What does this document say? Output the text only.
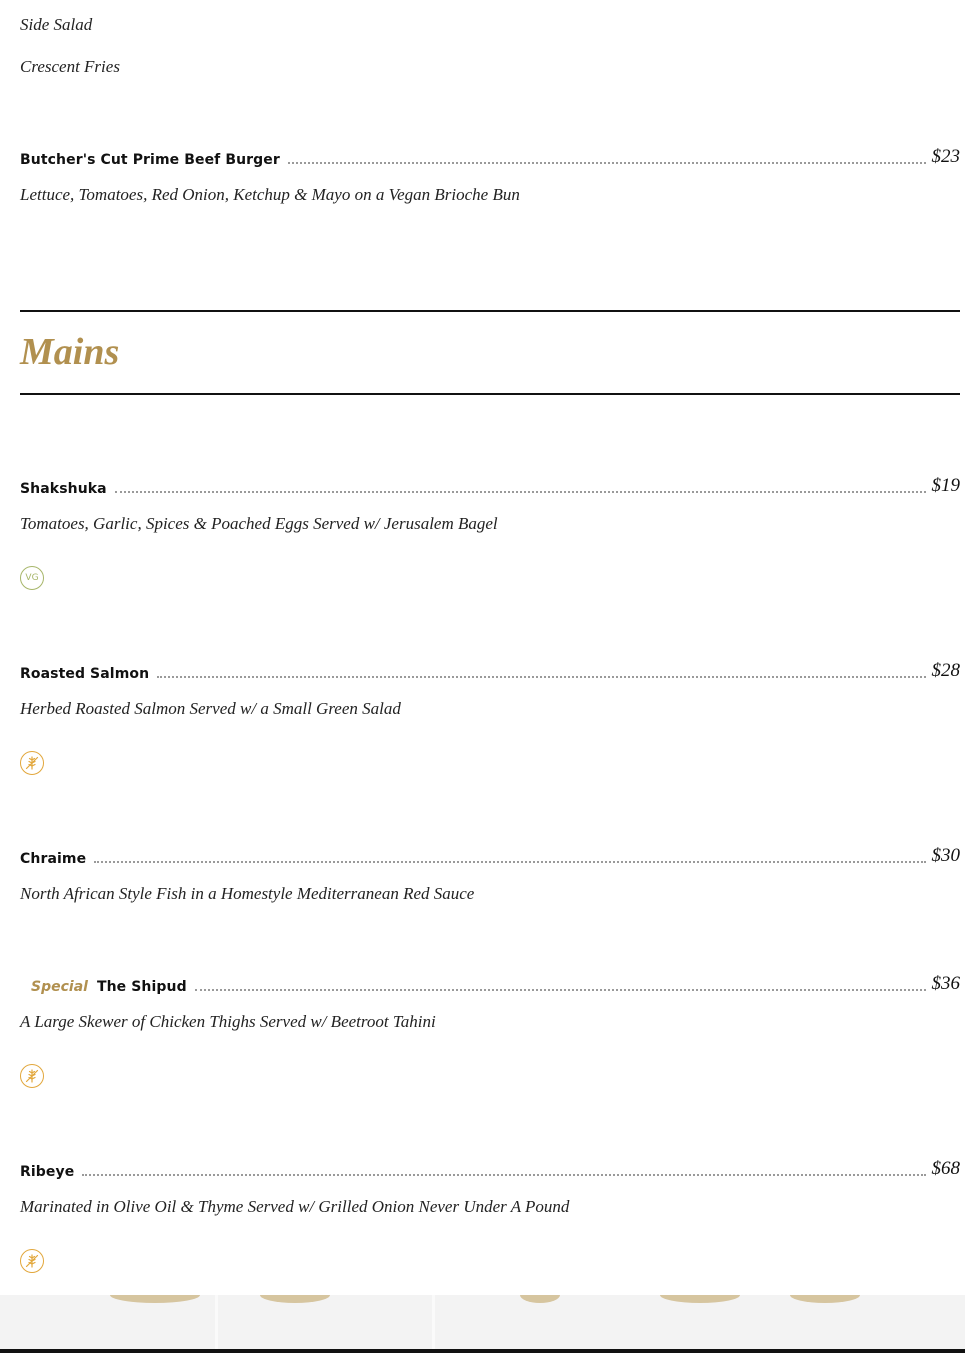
Side Salad
Crescent Fries
Butcher's Cut Prime Beef Burger	$23
Lettuce, Tomatoes, Red Onion, Ketchup & Mayo on a Vegan Brioche Bun
Mains
Shakshuka	$19
Tomatoes, Garlic, Spices & Poached Eggs Served w/ Jerusalem Bagel
VG
Roasted Salmon	$28
Herbed Roasted Salmon Served w/ a Small Green Salad
Chraime	$30
North African Style Fish in a Homestyle Mediterranean Red Sauce
Special The Shipud	$36
A Large Skewer of Chicken Thighs Served w/ Beetroot Tahini
Ribeye	$68
Marinated in Olive Oil & Thyme Served w/ Grilled Onion Never Under A Pound
